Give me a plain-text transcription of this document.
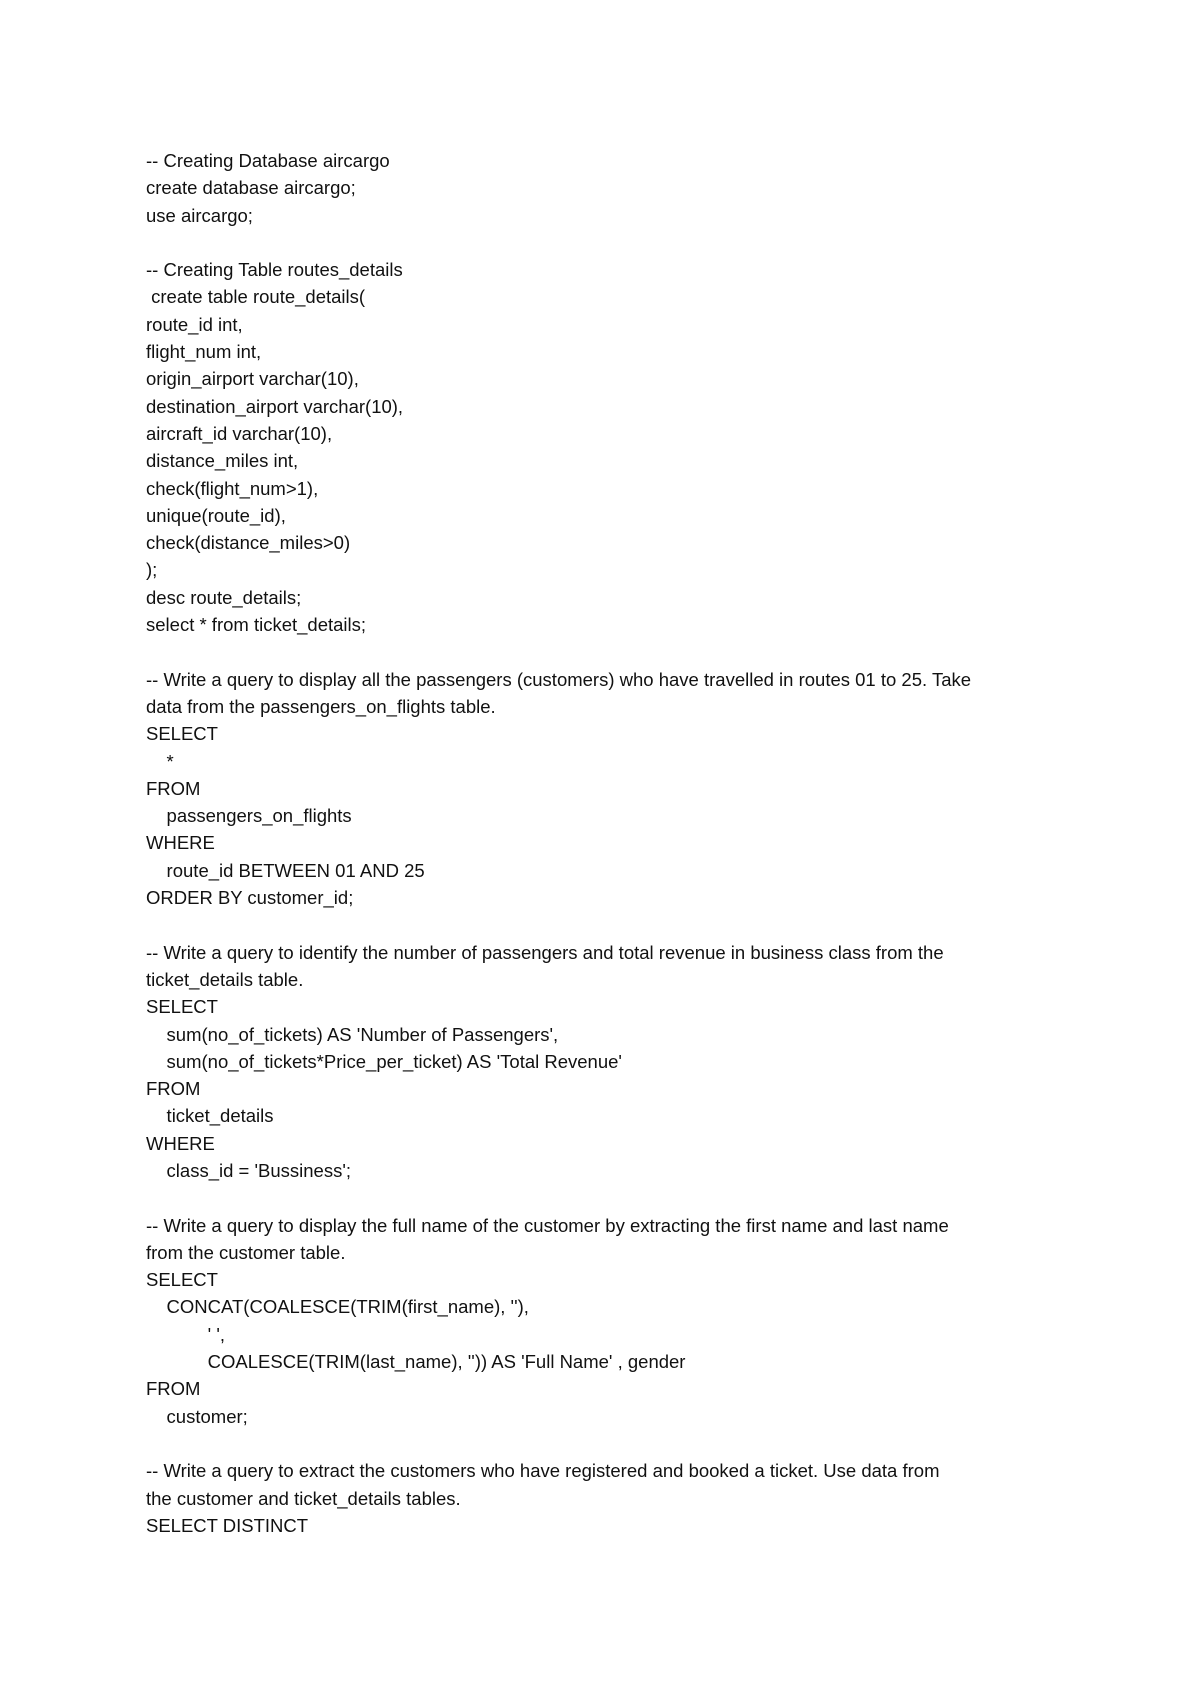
-- Creating Database aircargo
create database aircargo;
use aircargo;
-- Creating Table routes_details
create table route_details(
route_id int,
flight_num int,
origin_airport varchar(10),
destination_airport varchar(10),
aircraft_id varchar(10),
distance_miles int,
check(flight_num>1),
unique(route_id),
check(distance_miles>0)
);
desc route_details;
select * from ticket_details;
-- Write a query to display all the passengers (customers) who have travelled in routes 01 to 25. Take
data from the passengers_on_flights table.
SELECT
*
FROM
passengers_on_flights
WHERE
route_id BETWEEN 01 AND 25
ORDER BY customer_id;
-- Write a query to identify the number of passengers and total revenue in business class from the
ticket_details table.
SELECT
sum(no_of_tickets) AS 'Number of Passengers',
sum(no_of_tickets*Price_per_ticket) AS 'Total Revenue'
FROM
ticket_details
WHERE
class_id = 'Bussiness';
-- Write a query to display the full name of the customer by extracting the first name and last name
from the customer table.
SELECT
CONCAT(COALESCE(TRIM(first_name), ''),
' ',
COALESCE(TRIM(last_name), '')) AS 'Full Name' , gender
FROM
customer;
-- Write a query to extract the customers who have registered and booked a ticket. Use data from
the customer and ticket_details tables.
SELECT DISTINCT
